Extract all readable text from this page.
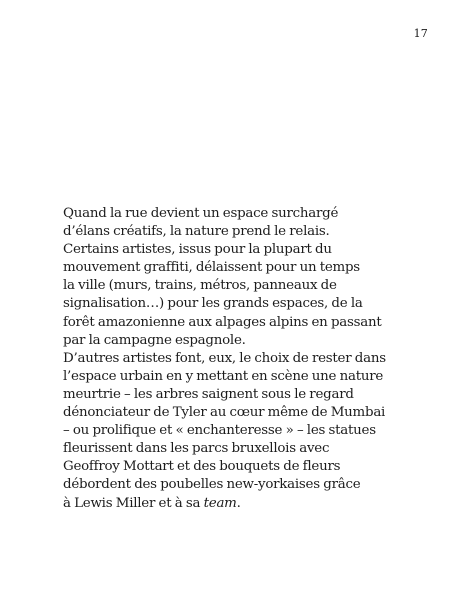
17

Quand la rue devient un espace surchargé
d’élans créatifs, la nature prend le relais.
Certains artistes, issus pour la plupart du
mouvement graffiti, délaissent pour un temps
la ville (murs, trains, métros, panneaux de
signalisation…) pour les grands espaces, de la
forêt amazonienne aux alpages alpins en passant
par la campagne espagnole.
D’autres artistes font, eux, le choix de rester dans
l’espace urbain en y mettant en scène une nature
meurtrie – les arbres saignent sous le regard
dénonciateur de Tyler au cœur même de Mumbai
– ou prolifique et « enchanteresse » – les statues
fleurissent dans les parcs bruxellois avec
Geoffroy Mottart et des bouquets de fleurs
débordent des poubelles new-yorkaises grâce
à Lewis Miller et à sa team.
